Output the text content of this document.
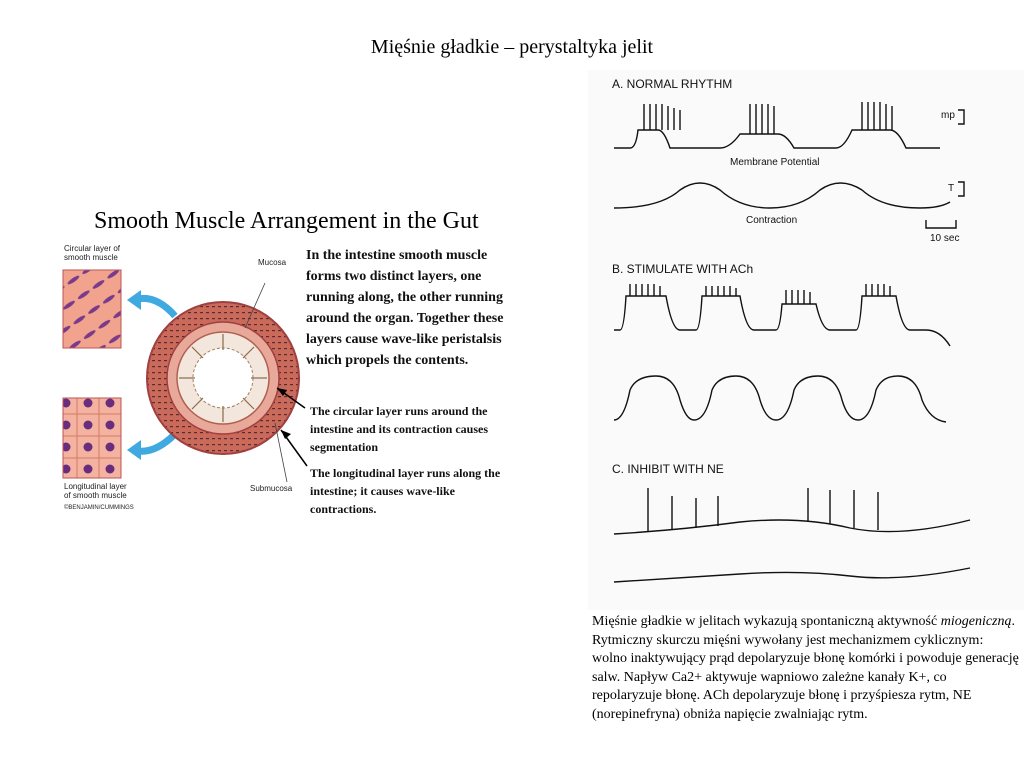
Mięśnie gładkie – perystaltyka jelit
Smooth Muscle Arrangement in the Gut
Circular layer of smooth muscle
Longitudinal layer of smooth muscle
©BENJAMIN/CUMMINGS
Mucosa
Submucosa
In the intestine smooth muscle forms two distinct layers, one running along, the other running around the organ. Together these layers cause wave-like peristalsis which propels the contents.
The circular layer runs around the intestine and its contraction causes segmentation
The longitudinal layer runs along the intestine; it causes wave-like contractions.
A. NORMAL RHYTHM
B. STIMULATE WITH ACh
C. INHIBIT WITH NE
mp
T
Membrane Potential
Contraction
10 sec
Mięśnie gładkie w jelitach wykazują spontaniczną aktywność miogeniczną. Rytmiczny skurczu mięśni wywołany jest mechanizmem cyklicznym: wolno inaktywujący prąd depolaryzuje błonę komórki i powoduje generację salw. Napływ Ca2+ aktywuje wapniowo zależne kanały K+, co repolaryzuje błonę. ACh depolaryzuje błonę i przyśpiesza rytm, NE (norepinefryna) obniża napięcie zwalniając rytm.
